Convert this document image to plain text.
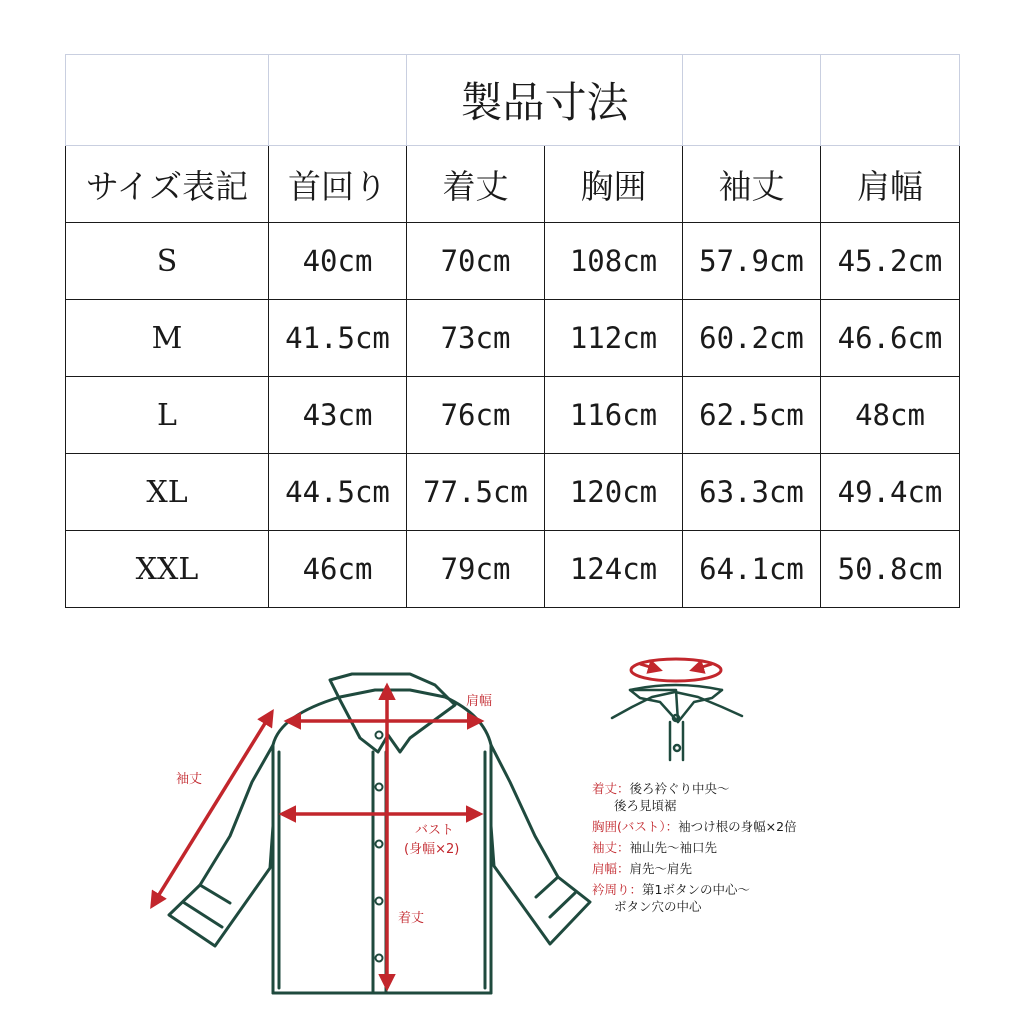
		製品寸法			
サイズ表記	首回り	着丈	胸囲	袖丈	肩幅
S	40cm	70cm	108cm	57.9cm	45.2cm
M	41.5cm	73cm	112cm	60.2cm	46.6cm
L	43cm	76cm	116cm	62.5cm	48cm
XL	44.5cm	77.5cm	120cm	63.3cm	49.4cm
XXL	46cm	79cm	124cm	64.1cm	50.8cm
肩幅
袖丈
バスト
(身幅×2)
着丈
着丈：後ろ衿ぐり中央～
後ろ見頃裾
胸囲(バスト）：袖つけ根の身幅×2倍
袖丈：袖山先～袖口先
肩幅：肩先～肩先
衿周り：第1ボタンの中心～
ボタン穴の中心
